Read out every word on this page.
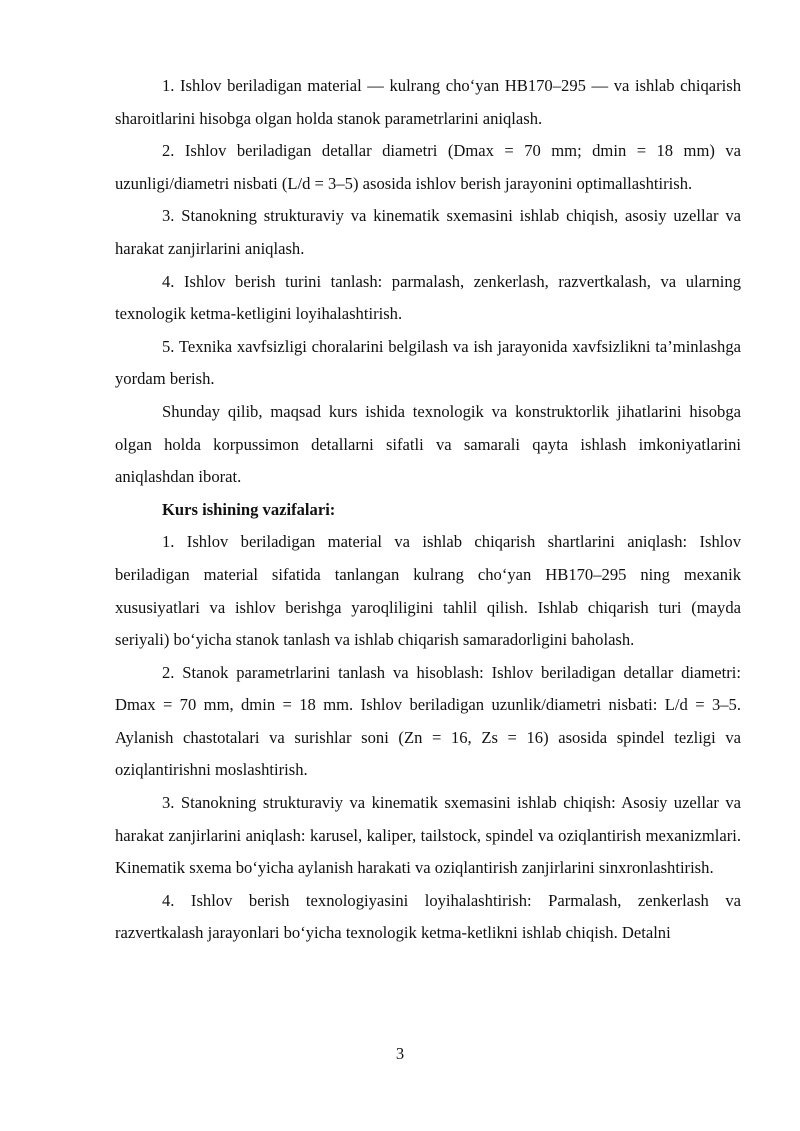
1. Ishlov beriladigan material — kulrang cho‘yan HB170–295 — va ishlab chiqarish sharoitlarini hisobga olgan holda stanok parametrlarini aniqlash.

2. Ishlov beriladigan detallar diametri (Dmax = 70 mm; dmin = 18 mm) va uzunligi/diametri nisbati (L/d = 3–5) asosida ishlov berish jarayonini optimallashtirish.

3. Stanokning strukturaviy va kinematik sxemasini ishlab chiqish, asosiy uzellar va harakat zanjirlarini aniqlash.

4. Ishlov berish turini tanlash: parmalash, zenkerlash, razvertkalash, va ularning texnologik ketma-ketligini loyihalashtirish.

5. Texnika xavfsizligi choralarini belgilash va ish jarayonida xavfsizlikni ta’minlashga yordam berish.

Shunday qilib, maqsad kurs ishida texnologik va konstruktorlik jihatlarini hisobga olgan holda korpussimon detallarni sifatli va samarali qayta ishlash imkoniyatlarini aniqlashdan iborat.

Kurs ishining vazifalari:

1. Ishlov beriladigan material va ishlab chiqarish shartlarini aniqlash: Ishlov beriladigan material sifatida tanlangan kulrang cho‘yan HB170–295 ning mexanik xususiyatlari va ishlov berishga yaroqliligini tahlil qilish. Ishlab chiqarish turi (mayda seriyali) bo‘yicha stanok tanlash va ishlab chiqarish samaradorligini baholash.

2. Stanok parametrlarini tanlash va hisoblash: Ishlov beriladigan detallar diametri: Dmax = 70 mm, dmin = 18 mm. Ishlov beriladigan uzunlik/diametri nisbati: L/d = 3–5. Aylanish chastotalari va surishlar soni (Zn = 16, Zs = 16) asosida spindel tezligi va oziqlantirishni moslashtirish.

3. Stanokning strukturaviy va kinematik sxemasini ishlab chiqish: Asosiy uzellar va harakat zanjirlarini aniqlash: karusel, kaliper, tailstock, spindel va oziqlantirish mexanizmlari. Kinematik sxema bo‘yicha aylanish harakati va oziqlantirish zanjirlarini sinxronlashtirish.

4. Ishlov berish texnologiyasini loyihalashtirish: Parmalash, zenkerlash va razvertkalash jarayonlari bo‘yicha texnologik ketma-ketlikni ishlab chiqish. Detalni

3
